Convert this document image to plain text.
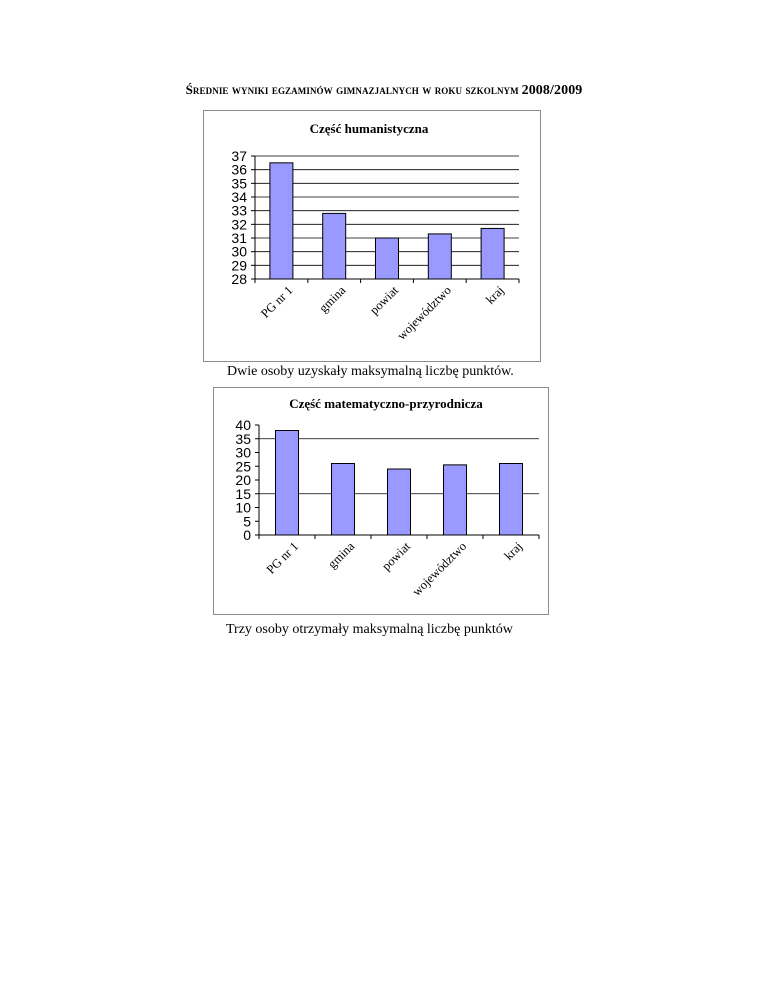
Średnie wyniki egzaminów gimnazjalnych w roku szkolnym 2008/2009
Część humanistyczna
28
29
30
31
32
33
34
35
36
37
PG nr 1 gmina powiat
województwo kraj
Dwie osoby uzyskały maksymalną liczbę punktów.
Część matematyczno-przyrodnicza
0
5
10
15
20
25
30
35
40
PG nr 1 gmina powiat
województwo	kraj
Trzy osoby otrzymały maksymalną liczbę punktów
